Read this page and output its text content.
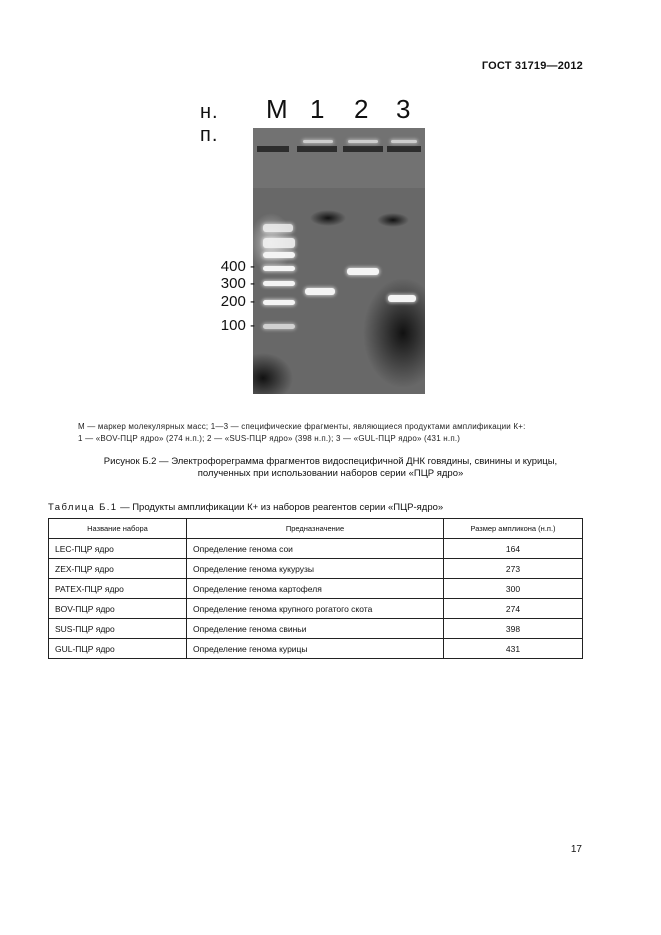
ГОСТ 31719—2012
н. п.
М 1 2 3
400 -
300 -
200 -
100 -

М — маркер молекулярных масс; 1—3 — специфические фрагменты, являющиеся продуктами амплификации К+:

1 — «BOV-ПЦР ядро» (274 н.п.); 2 — «SUS-ПЦР ядро» (398 н.п.); 3 — «GUL-ПЦР ядро» (431 н.п.)

Рисунок Б.2 — Электрофореграмма фрагментов видоспецифичной ДНК говядины, свинины и курицы,

полученных при использовании наборов серии «ПЦР ядро»

Таблица Б.1 — Продукты амплификации К+ из наборов реагентов серии «ПЦР-ядро»
Название набора	Предназначение	Размер ампликона (н.п.)
LEC-ПЦР ядро	Определение генома сои	164
ZEX-ПЦР ядро	Определение генома кукурузы	273
PATEX-ПЦР ядро	Определение генома картофеля	300
BOV-ПЦР ядро	Определение генома крупного рогатого скота	274
SUS-ПЦР ядро	Определение генома свиньи	398
GUL-ПЦР ядро	Определение генома курицы	431
17
